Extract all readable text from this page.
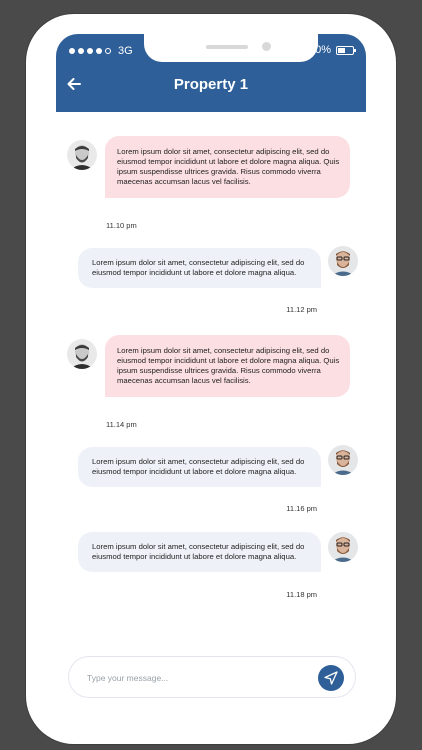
3G	50%
Property 1
Lorem ipsum dolor sit amet, consectetur adipiscing elit, sed do eiusmod tempor incididunt ut labore et dolore magna aliqua. Quis ipsum suspendisse ultrices gravida. Risus commodo viverra maecenas accumsan lacus vel facilisis.
11.10 pm
Lorem ipsum dolor sit amet, consectetur adipiscing elit, sed do eiusmod tempor incididunt ut labore et dolore magna aliqua.
11.12 pm
Lorem ipsum dolor sit amet, consectetur adipiscing elit, sed do eiusmod tempor incididunt ut labore et dolore magna aliqua. Quis ipsum suspendisse ultrices gravida. Risus commodo viverra maecenas accumsan lacus vel facilisis.
11.14 pm
Lorem ipsum dolor sit amet, consectetur adipiscing elit, sed do eiusmod tempor incididunt ut labore et dolore magna aliqua.
11.16 pm
Lorem ipsum dolor sit amet, consectetur adipiscing elit, sed do eiusmod tempor incididunt ut labore et dolore magna aliqua.
11.18 pm
Type your message...
